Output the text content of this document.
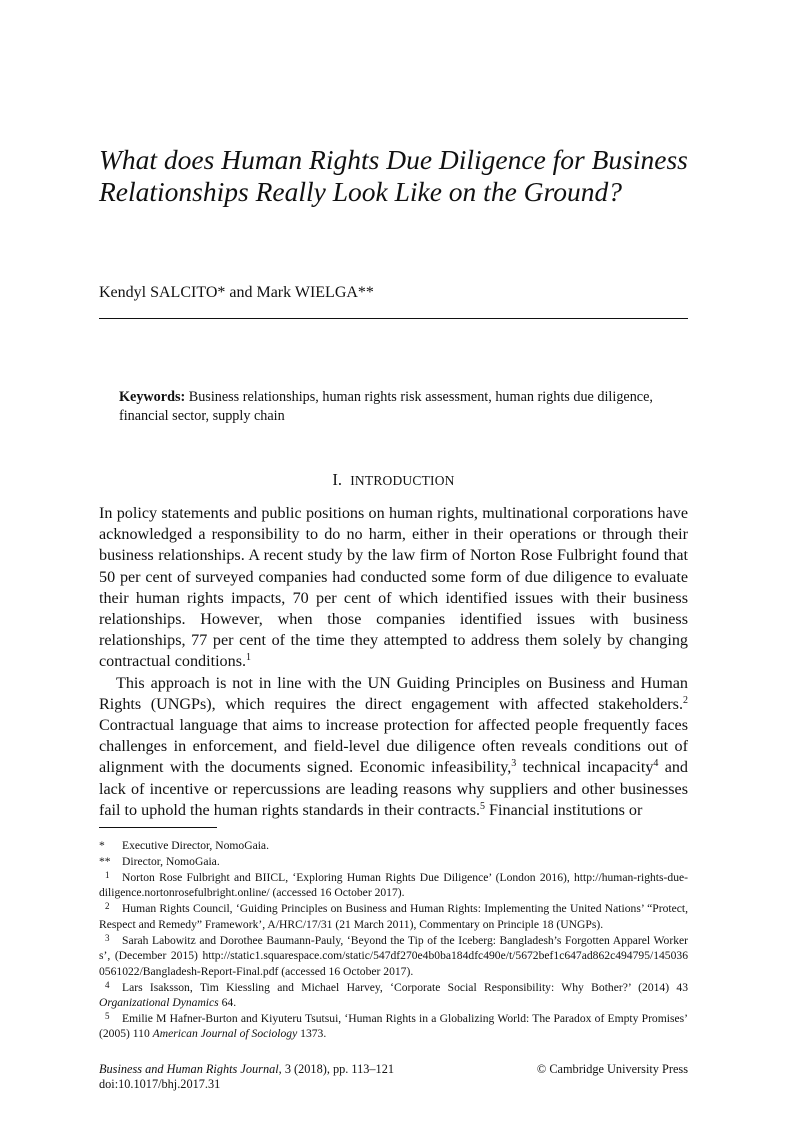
What does Human Rights Due Diligence for Business Relationships Really Look Like on the Ground?
Kendyl SALCITO* and Mark WIELGA**
Keywords: Business relationships, human rights risk assessment, human rights due diligence, financial sector, supply chain
I. INTRODUCTION

In policy statements and public positions on human rights, multinational corporations have acknowledged a responsibility to do no harm, either in their operations or through their business relationships. A recent study by the law firm of Norton Rose Fulbright found that 50 per cent of surveyed companies had conducted some form of due diligence to evaluate their human rights impacts, 70 per cent of which identified issues with their business relationships. However, when those companies identified issues with business relationships, 77 per cent of the time they attempted to address them solely by changing contractual conditions.$^1$

This approach is not in line with the UN Guiding Principles on Business and Human Rights (UNGPs), which requires the direct engagement with affected stakeholders.$^2$ Contractual language that aims to increase protection for affected people frequently faces challenges in enforcement, and field-level due diligence often reveals conditions out of alignment with the documents signed. Economic infeasibility,$^3$ technical incapacity$^4$ and lack of incentive or repercussions are leading reasons why suppliers and other businesses fail to uphold the human rights standards in their contracts.$^5$ Financial institutions or

* Executive Director, NomoGaia.

** Director, NomoGaia.

1 Norton Rose Fulbright and BIICL, ‘Exploring Human Rights Due Diligence’ (London 2016), http://human-rights-due-diligence.nortonrosefulbright.online/ (accessed 16 October 2017).

2 Human Rights Council, ‘Guiding Principles on Business and Human Rights: Implementing the United Nations’ “Protect, Respect and Remedy” Framework’, A/HRC/17/31 (21 March 2011), Commentary on Principle 18 (UNGPs).

3 Sarah Labowitz and Dorothee Baumann-Pauly, ‘Beyond the Tip of the Iceberg: Bangladesh’s Forgotten Apparel Workers’, (December 2015) http://static1.squarespace.com/static/547df270e4b0ba184dfc490e/t/5672bef1c647ad862c494795/1450360561022/Bangladesh-Report-Final.pdf (accessed 16 October 2017).

4 Lars Isaksson, Tim Kiessling and Michael Harvey, ‘Corporate Social Responsibility: Why Bother?’ (2014) 43 Organizational Dynamics 64.

5 Emilie M Hafner-Burton and Kiyuteru Tsutsui, ‘Human Rights in a Globalizing World: The Paradox of Empty Promises’ (2005) 110 American Journal of Sociology 1373.

Business and Human Rights Journal, 3 (2018), pp. 113–121
doi:10.1017/bhj.2017.31
© Cambridge University Press
